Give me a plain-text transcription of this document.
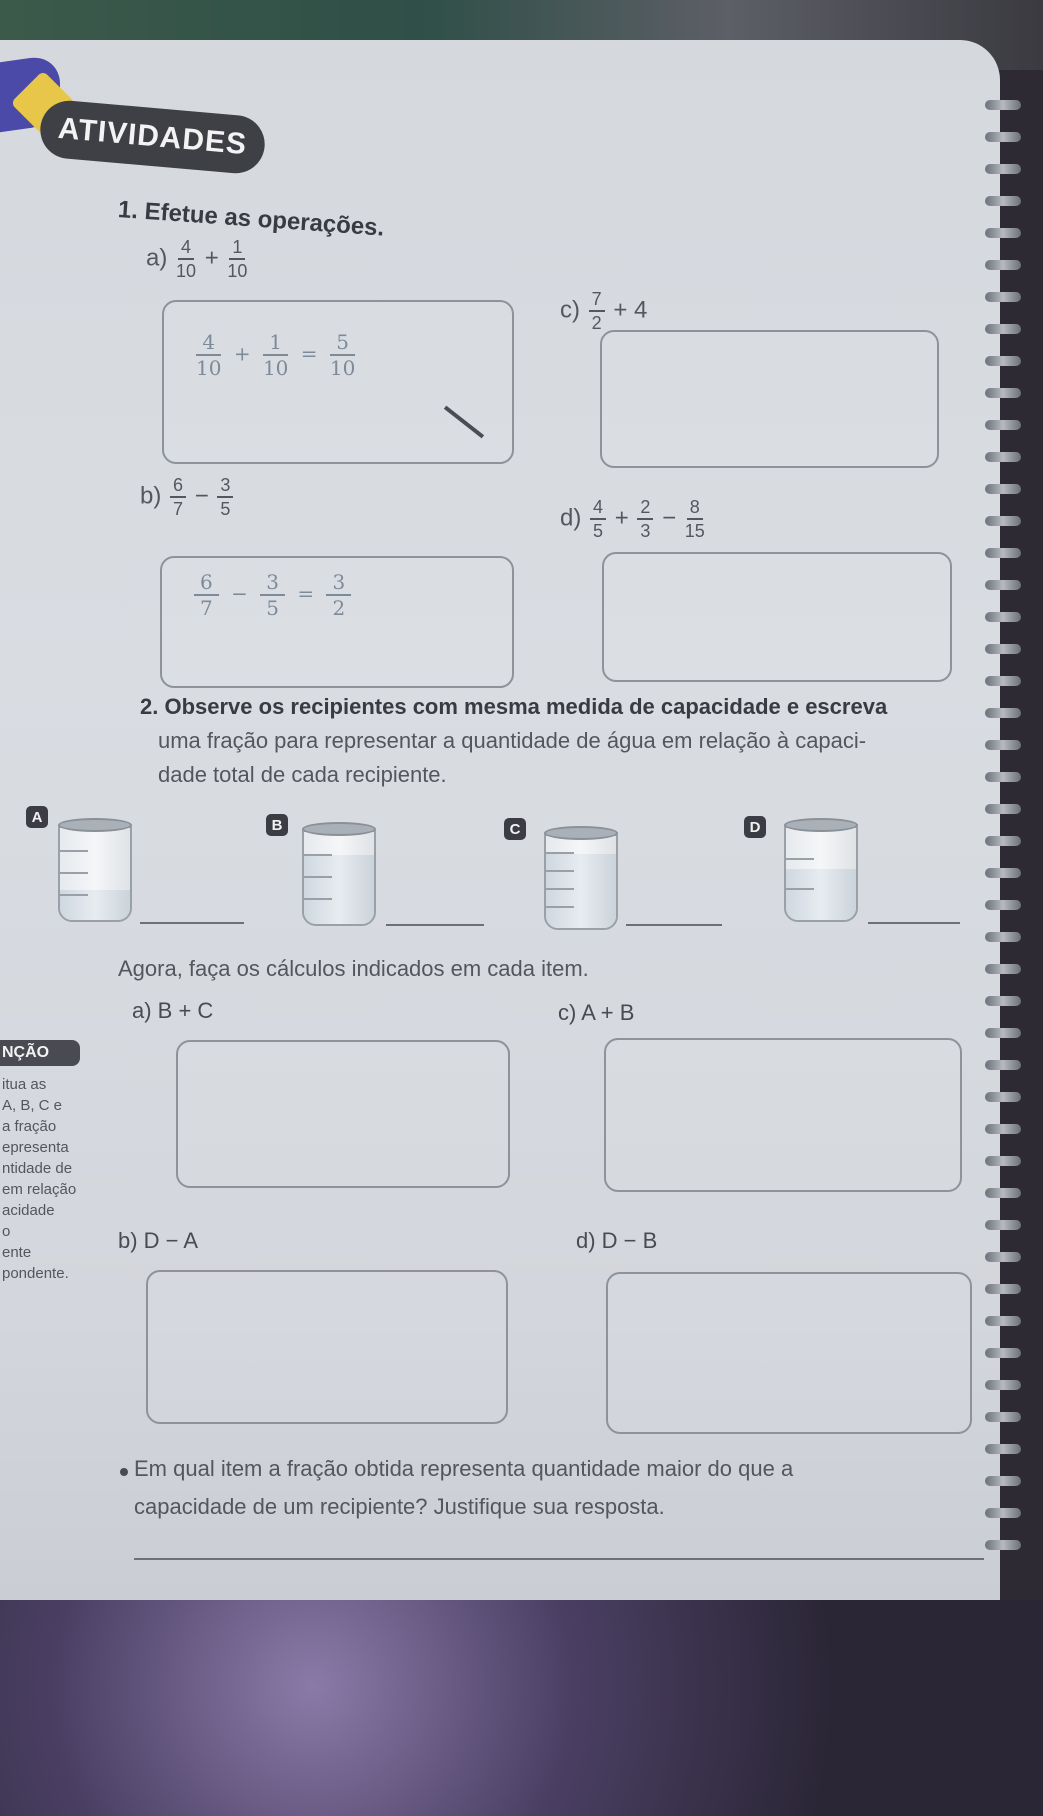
ATIVIDADES
1. Efetue as operações.
$a) \frac{4}{10} + \frac{1}{10}$
$\frac{4}{10} + \frac{1}{10} = \frac{5}{10}$
$c) \frac{7}{2} + 4$
$b) \frac{6}{7} - \frac{3}{5}$
$\frac{6}{7} - \frac{3}{5} = \frac{3}{2}$
$d) \frac{4}{5} + \frac{2}{3} - \frac{8}{15}$
2. Observe os recipientes com mesma medida de capacidade e escreva
uma fração para representar a quantidade de água em relação à capaci-
dade total de cada recipiente.
A	B	C	D
Agora, faça os cálculos indicados em cada item.
a) B + C	c) A + B
b) D − A	d) D − B
Em qual item a fração obtida representa quantidade maior do que a
capacidade de um recipiente? Justifique sua resposta.
NÇÃO
itua as
A, B, C e
a fração
epresenta
ntidade de
em relação
acidade
o
ente
pondente.
